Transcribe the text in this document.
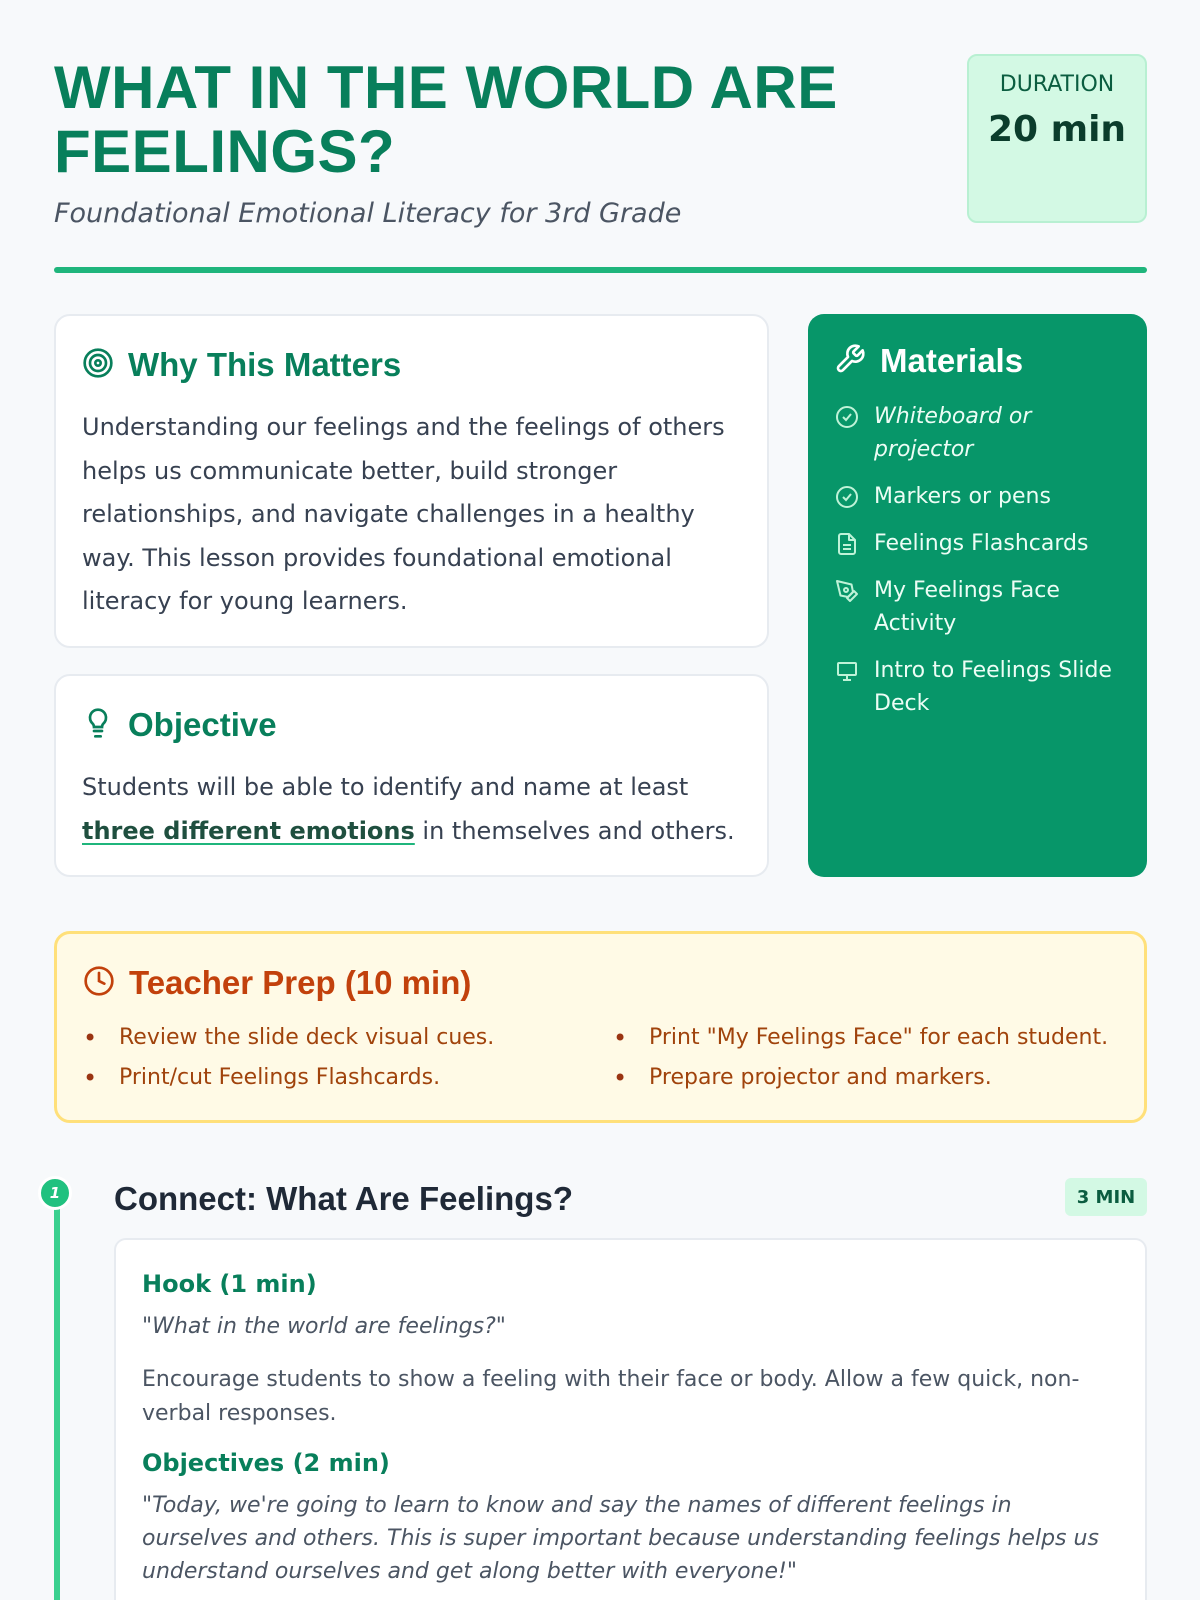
WHAT IN THE WORLD ARE FEELINGS?
Foundational Emotional Literacy for 3rd Grade
DURATION
20 min
Why This Matters

Understanding our feelings and the feelings of others helps us communicate better, build stronger relationships, and navigate challenges in a healthy way. This lesson provides foundational emotional literacy for young learners.

Objective

Students will be able to identify and name at least three different emotions in themselves and others.

Materials
Whiteboard or projector
Markers or pens
Feelings Flashcards
My Feelings Face Activity
Intro to Feelings Slide Deck
Teacher Prep (10 min)
• Review the slide deck visual cues.	• Print "My Feelings Face" for each student.
• Print/cut Feelings Flashcards.	• Prepare projector and markers.
1	Connect: What Are Feelings?	3 MIN
Hook (1 min)
"What in the world are feelings?"
Encourage students to show a feeling with their face or body. Allow a few quick, non-verbal responses.
Objectives (2 min)
"Today, we're going to learn to know and say the names of different feelings in ourselves and others. This is super important because understanding feelings helps us understand ourselves and get along better with everyone!"
